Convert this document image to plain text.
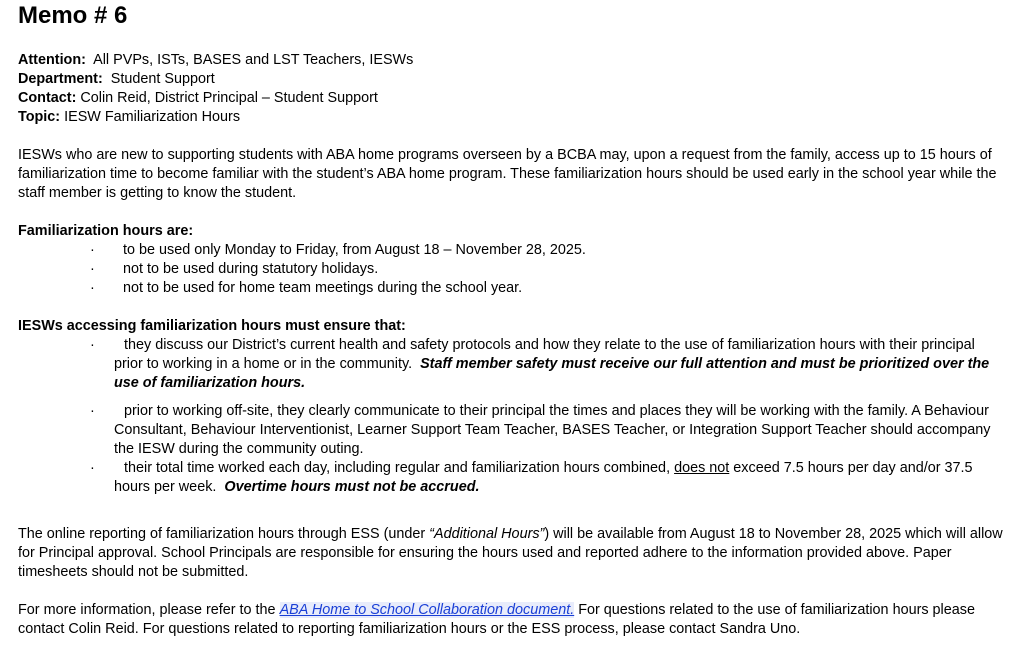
Memo # 6
Attention: All PVPs, ISTs, BASES and LST Teachers, IESWs
Department: Student Support
Contact: Colin Reid, District Principal – Student Support
Topic: IESW Familiarization Hours

IESWs who are new to supporting students with ABA home programs overseen by a BCBA may, upon a request from the family, access up to 15 hours of familiarization time to become familiar with the student’s ABA home program. These familiarization hours should be used early in the school year while the staff member is getting to know the student.

Familiarization hours are:
· to be used only Monday to Friday, from August 18 – November 28, 2025.
· not to be used during statutory holidays.
· not to be used for home team meetings during the school year.
IESWs accessing familiarization hours must ensure that:
· they discuss our District’s current health and safety protocols and how they relate to the use of familiarization hours with their principal prior to working in a home or in the community. Staff member safety must receive our full attention and must be prioritized over the use of familiarization hours.
· prior to working off-site, they clearly communicate to their principal the times and places they will be working with the family. A Behaviour Consultant, Behaviour Interventionist, Learner Support Team Teacher, BASES Teacher, or Integration Support Teacher should accompany the IESW during the community outing.
· their total time worked each day, including regular and familiarization hours combined, does not exceed 7.5 hours per day and/or 37.5 hours per week. Overtime hours must not be accrued.

The online reporting of familiarization hours through ESS (under “Additional Hours”) will be available from August 18 to November 28, 2025 which will allow for Principal approval. School Principals are responsible for ensuring the hours used and reported adhere to the information provided above. Paper timesheets should not be submitted.

For more information, please refer to the ABA Home to School Collaboration document. For questions related to the use of familiarization hours please contact Colin Reid. For questions related to reporting familiarization hours or the ESS process, please contact Sandra Uno.
